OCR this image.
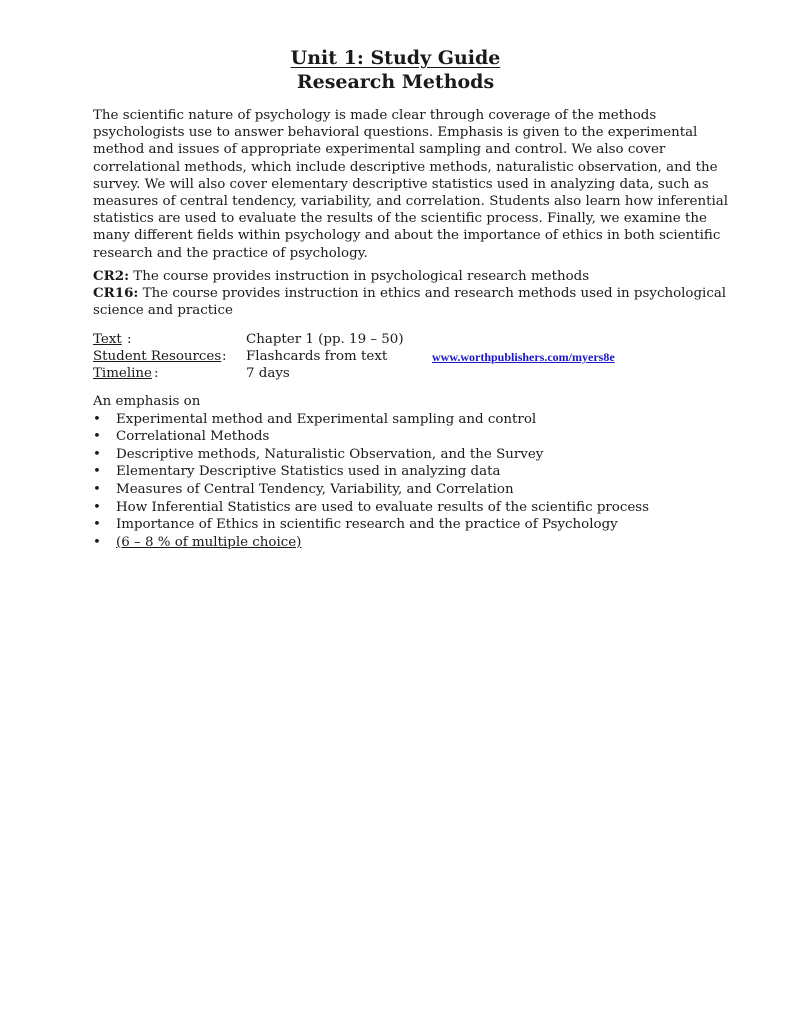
Unit 1: Study Guide
Research Methods

The scientific nature of psychology is made clear through coverage of the methods psychologists use to answer behavioral questions. Emphasis is given to the experimental method and issues of appropriate experimental sampling and control. We also cover correlational methods, which include descriptive methods, naturalistic observation, and the survey. We will also cover elementary descriptive statistics used in analyzing data, such as measures of central tendency, variability, and correlation. Students also learn how inferential statistics are used to evaluate the results of the scientific process. Finally, we examine the many different fields within psychology and about the importance of ethics in both scientific research and the practice of psychology.

CR2: The course provides instruction in psychological research methods

CR16: The course provides instruction in ethics and research methods used in psychological science and practice

Text :	Chapter 1 (pp. 19 – 50)
Student Resources : Flashcards from text	www.worthpublishers.com/myers8e
Timeline :	7 days

An emphasis on

• Experimental method and Experimental sampling and control
• Correlational Methods
• Descriptive methods, Naturalistic Observation, and the Survey
• Elementary Descriptive Statistics used in analyzing data
• Measures of Central Tendency, Variability, and Correlation
• How Inferential Statistics are used to evaluate results of the scientific process
• Importance of Ethics in scientific research and the practice of Psychology
• (6 – 8 % of multiple choice)
